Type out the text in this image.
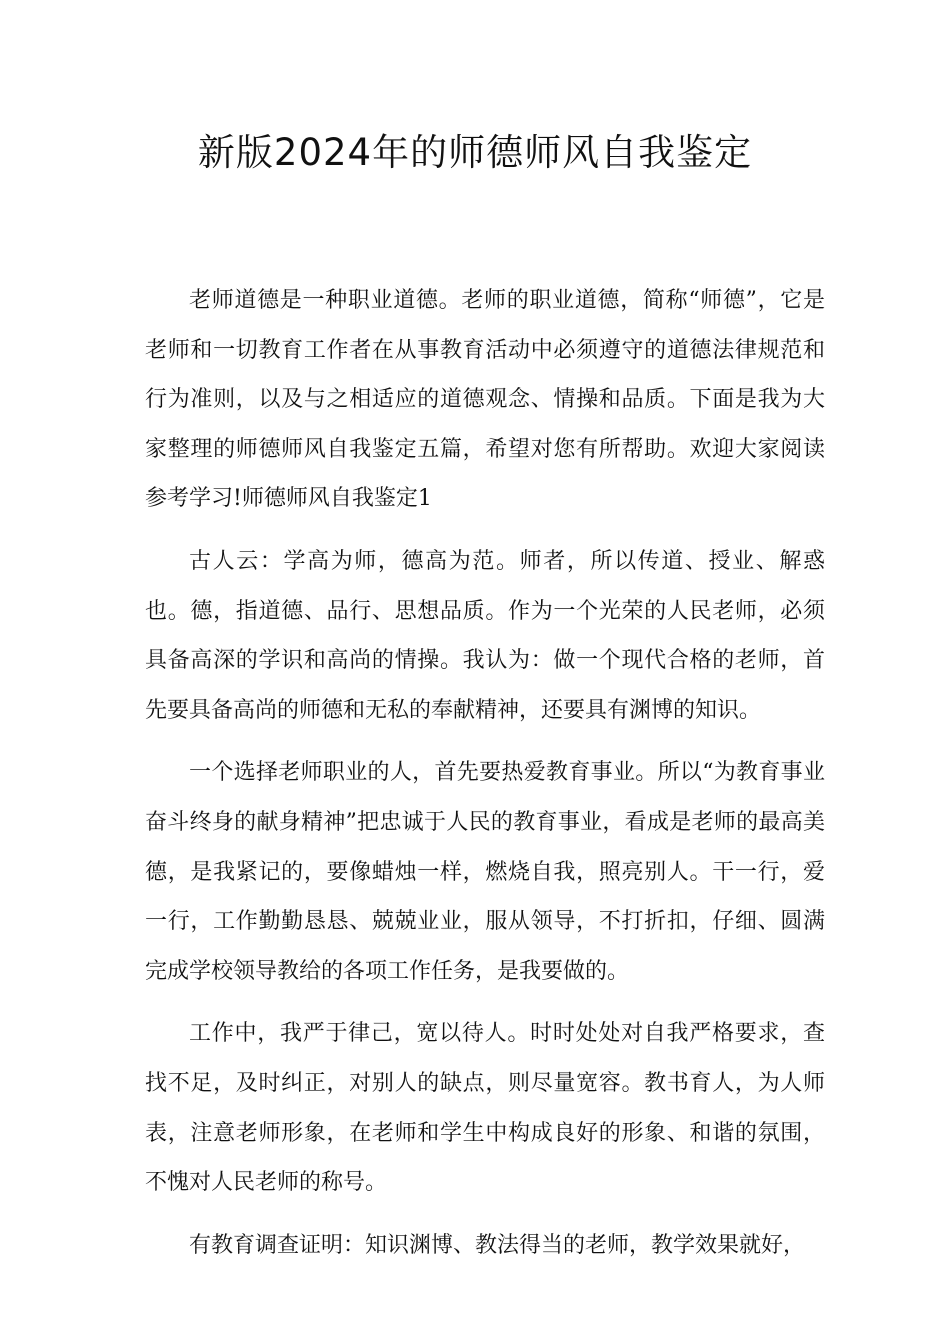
新版2024年的师德师风自我鉴定

老师道德是一种职业道德。老师的职业道德，简称“师德”，它是老师和一切教育工作者在从事教育活动中必须遵守的道德法律规范和行为准则，以及与之相适应的道德观念、情操和品质。下面是我为大家整理的师德师风自我鉴定五篇，希望对您有所帮助。欢迎大家阅读参考学习!师德师风自我鉴定1

古人云：学高为师，德高为范。师者，所以传道、授业、解惑也。德，指道德、品行、思想品质。作为一个光荣的人民老师，必须具备高深的学识和高尚的情操。我认为：做一个现代合格的老师，首先要具备高尚的师德和无私的奉献精神，还要具有渊博的知识。

一个选择老师职业的人，首先要热爱教育事业。所以“为教育事业奋斗终身的献身精神”把忠诚于人民的教育事业，看成是老师的最高美德，是我紧记的，要像蜡烛一样，燃烧自我，照亮别人。干一行，爱一行，工作勤勤恳恳、兢兢业业，服从领导，不打折扣，仔细、圆满完成学校领导教给的各项工作任务，是我要做的。

工作中，我严于律己，宽以待人。时时处处对自我严格要求，查找不足，及时纠正，对别人的缺点，则尽量宽容。教书育人，为人师表，注意老师形象，在老师和学生中构成良好的形象、和谐的氛围，不愧对人民老师的称号。

有教育调查证明：知识渊博、教法得当的老师，教学效果就好，
